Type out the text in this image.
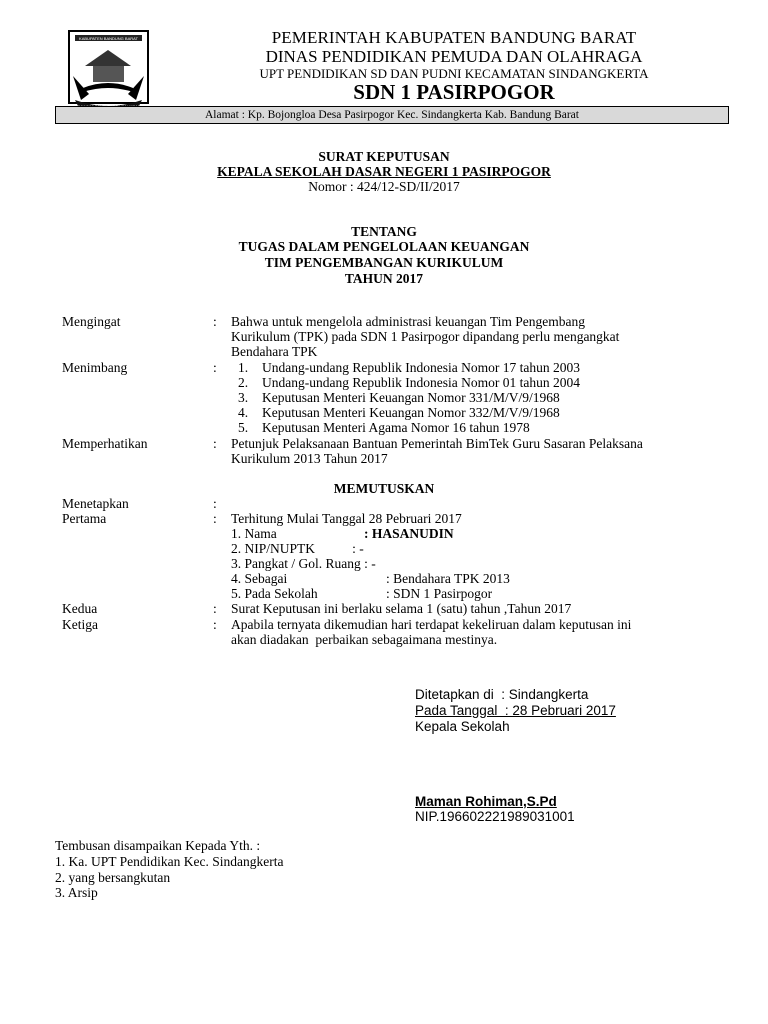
KABUPATEN BANDUNG BARAT	PEMERINTAH KABUPATEN BANDUNG BARAT
DINAS PENDIDIKAN PEMUDA DAN OLAHRAGA
UPT PENDIDIKAN SD DAN PUDNI KECAMATAN SINDANGKERTA
SDN 1 PASIRPOGOR
Alamat : Kp. Bojongloa Desa Pasirpogor Kec. Sindangkerta Kab. Bandung Barat
SURAT KEPUTUSAN
KEPALA SEKOLAH DASAR NEGERI 1 PASIRPOGOR
Nomor : 424/12-SD/II/2017
TENTANG
TUGAS DALAM PENGELOLAAN KEUANGAN
TIM PENGEMBANGAN KURIKULUM
TAHUN 2017
Mengingat	: Bahwa untuk mengelola administrasi keuangan Tim Pengembang
Kurikulum (TPK) pada SDN 1 Pasirpogor dipandang perlu mengangkat
Bendahara TPK
Menimbang	: 1. Undang-undang Republik Indonesia Nomor 17 tahun 2003
2. Undang-undang Republik Indonesia Nomor 01 tahun 2004
3. Keputusan Menteri Keuangan Nomor 331/M/V/9/1968
4. Keputusan Menteri Keuangan Nomor 332/M/V/9/1968
5. Keputusan Menteri Agama Nomor 16 tahun 1978
Memperhatikan	: Petunjuk Pelaksanaan Bantuan Pemerintah BimTek Guru Sasaran Pelaksana
Kurikulum 2013 Tahun 2017
MEMUTUSKAN
Menetapkan	:
Pertama	: Terhitung Mulai Tanggal 28 Pebruari 2017
1. Nama	: HASANUDIN
2. NIP/NUPTK           : -
3. Pangkat / Gol. Ruang : -
4. Sebagai	: Bendahara TPK 2013
5. Pada Sekolah	: SDN 1 Pasirpogor
Kedua	: Surat Keputusan ini berlaku selama 1 (satu) tahun ,Tahun 2017
Ketiga	: Apabila ternyata dikemudian hari terdapat kekeliruan dalam keputusan ini
akan diadakan  perbaikan sebagaimana mestinya.
Ditetapkan di  : Sindangkerta
Pada Tanggal  : 28 Pebruari 2017
Kepala Sekolah
Maman Rohiman,S.Pd
NIP.196602221989031001
Tembusan disampaikan Kepada Yth. :
1. Ka. UPT Pendidikan Kec. Sindangkerta
2. yang bersangkutan
3. Arsip
